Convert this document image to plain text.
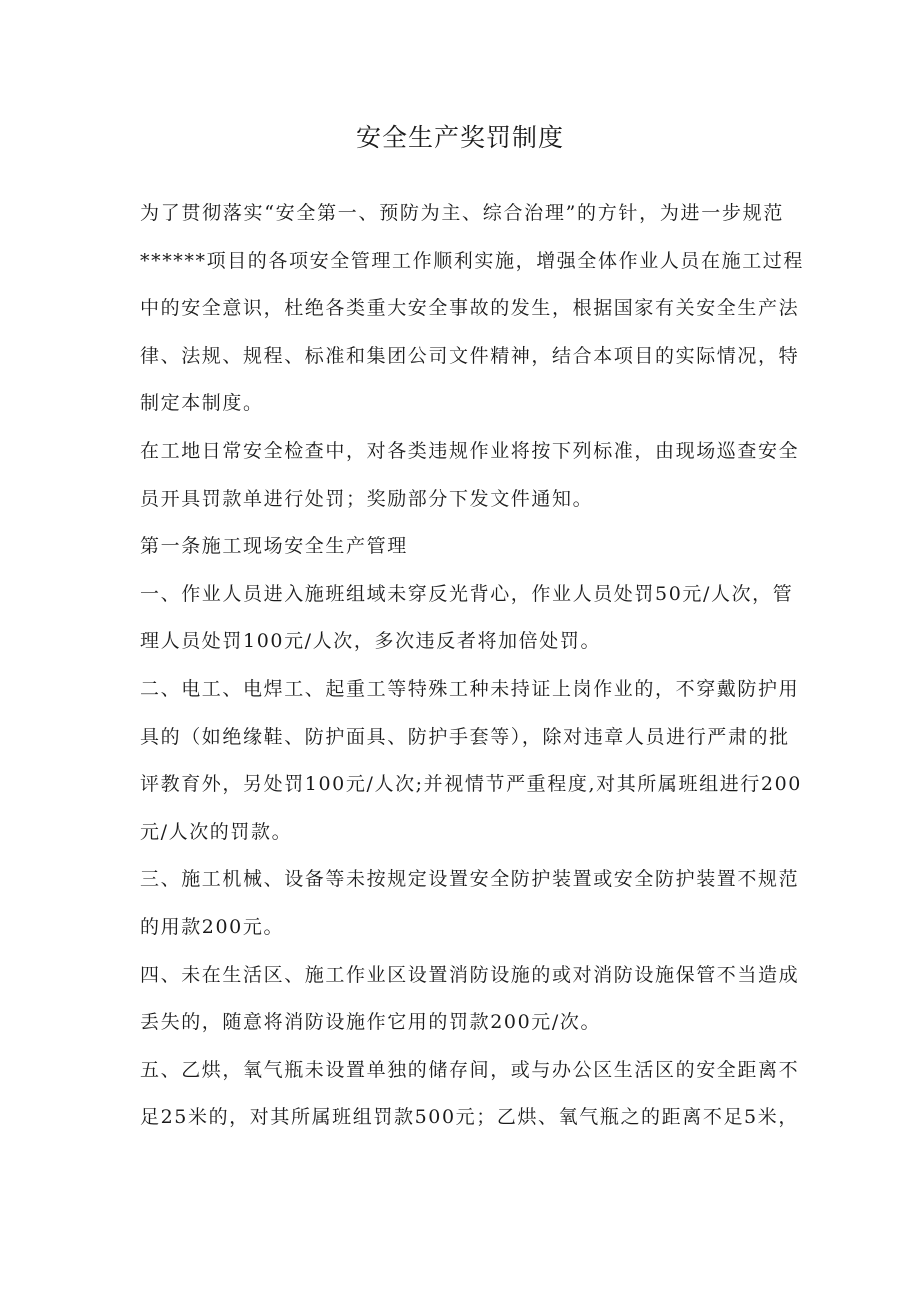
安全生产奖罚制度
为了贯彻落实“安全第一、预防为主、综合治理”的方针，为进一步规范
******项目的各项安全管理工作顺利实施，增强全体作业人员在施工过程
中的安全意识，杜绝各类重大安全事故的发生，根据国家有关安全生产法
律、法规、规程、标准和集团公司文件精神，结合本项目的实际情况，特
制定本制度。
在工地日常安全检查中，对各类违规作业将按下列标准，由现场巡查安全
员开具罚款单进行处罚；奖励部分下发文件通知。
第一条施工现场安全生产管理
一、作业人员进入施班组域未穿反光背心，作业人员处罚50元/人次，管
理人员处罚100元/人次，多次违反者将加倍处罚。
二、电工、电焊工、起重工等特殊工种未持证上岗作业的，不穿戴防护用
具的（如绝缘鞋、防护面具、防护手套等），除对违章人员进行严肃的批
评教育外，另处罚100元/人次;并视情节严重程度,对其所属班组进行200
元/人次的罚款。
三、施工机械、设备等未按规定设置安全防护装置或安全防护装置不规范
的用款200元。
四、未在生活区、施工作业区设置消防设施的或对消防设施保管不当造成
丢失的，随意将消防设施作它用的罚款200元/次。
五、乙烘，氧气瓶未设置单独的储存间，或与办公区生活区的安全距离不
足25米的，对其所属班组罚款500元；乙烘、氧气瓶之的距离不足5米，
